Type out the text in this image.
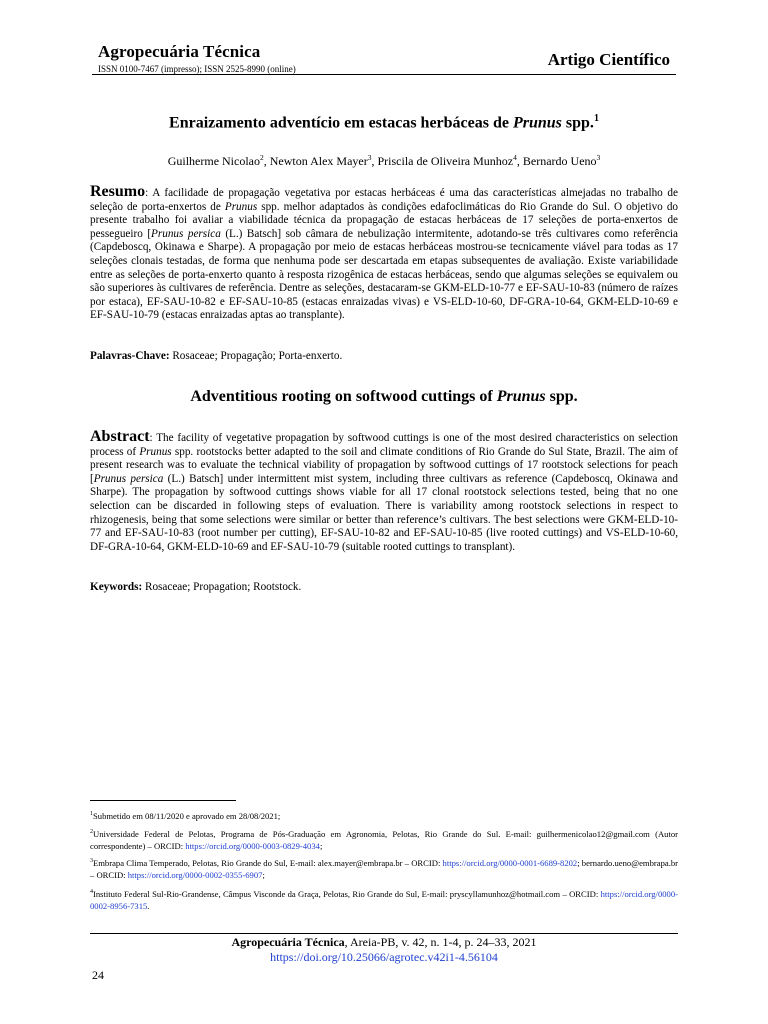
Agropecuária Técnica
ISSN 0100-7467 (impresso); ISSN 2525-8990 (online)	Artigo Científico
Enraizamento adventício em estacas herbáceas de Prunus spp.$^1$
Guilherme Nicolao$^2$, Newton Alex Mayer$^3$, Priscila de Oliveira Munhoz$^4$, Bernardo Ueno$^3$
Resumo: A facilidade de propagação vegetativa por estacas herbáceas é uma das características almejadas no trabalho de seleção de porta-enxertos de Prunus spp. melhor adaptados às condições edafoclimáticas do Rio Grande do Sul. O objetivo do presente trabalho foi avaliar a viabilidade técnica da propagação de estacas herbáceas de 17 seleções de porta-enxertos de pessegueiro [Prunus persica (L.) Batsch] sob câmara de nebulização intermitente, adotando-se três cultivares como referência (Capdeboscq, Okinawa e Sharpe). A propagação por meio de estacas herbáceas mostrou-se tecnicamente viável para todas as 17 seleções clonais testadas, de forma que nenhuma pode ser descartada em etapas subsequentes de avaliação. Existe variabilidade entre as seleções de porta-enxerto quanto à resposta rizogênica de estacas herbáceas, sendo que algumas seleções se equivalem ou são superiores às cultivares de referência. Dentre as seleções, destacaram-se GKM-ELD-10-77 e EF-SAU-10-83 (número de raízes por estaca), EF-SAU-10-82 e EF-SAU-10-85 (estacas enraizadas vivas) e VS-ELD-10-60, DF-GRA-10-64, GKM-ELD-10-69 e EF-SAU-10-79 (estacas enraizadas aptas ao transplante).
Palavras-Chave: Rosaceae; Propagação; Porta-enxerto.
Adventitious rooting on softwood cuttings of Prunus spp.
Abstract: The facility of vegetative propagation by softwood cuttings is one of the most desired characteristics on selection process of Prunus spp. rootstocks better adapted to the soil and climate conditions of Rio Grande do Sul State, Brazil. The aim of present research was to evaluate the technical viability of propagation by softwood cuttings of 17 rootstock selections for peach [Prunus persica (L.) Batsch] under intermittent mist system, including three cultivars as reference (Capdeboscq, Okinawa and Sharpe). The propagation by softwood cuttings shows viable for all 17 clonal rootstock selections tested, being that no one selection can be discarded in following steps of evaluation. There is variability among rootstock selections in respect to rhizogenesis, being that some selections were similar or better than reference’s cultivars. The best selections were GKM-ELD-10-77 and EF-SAU-10-83 (root number per cutting), EF-SAU-10-82 and EF-SAU-10-85 (live rooted cuttings) and VS-ELD-10-60, DF-GRA-10-64, GKM-ELD-10-69 and EF-SAU-10-79 (suitable rooted cuttings to transplant).
Keywords: Rosaceae; Propagation; Rootstock.
$^1$Submetido em 08/11/2020 e aprovado em 28/08/2021;
$^2$Universidade Federal de Pelotas, Programa de Pós-Graduação em Agronomia, Pelotas, Rio Grande do Sul. E-mail: guilhermenicolao12@gmail.com (Autor correspondente) – ORCID: https://orcid.org/0000-0003-0829-4034;
$^3$Embrapa Clima Temperado, Pelotas, Rio Grande do Sul, E-mail: alex.mayer@embrapa.br – ORCID: https://orcid.org/0000-0001-6689-8202; bernardo.ueno@embrapa.br – ORCID: https://orcid.org/0000-0002-0355-6907;
$^4$Instituto Federal Sul-Rio-Grandense, Câmpus Visconde da Graça, Pelotas, Rio Grande do Sul, E-mail: pryscyllamunhoz@hotmail.com – ORCID: https://orcid.org/0000-0002-8956-7315.
Agropecuária Técnica, Areia-PB, v. 42, n. 1-4, p. 24–33, 2021
https://doi.org/10.25066/agrotec.v42i1-4.56104
24
